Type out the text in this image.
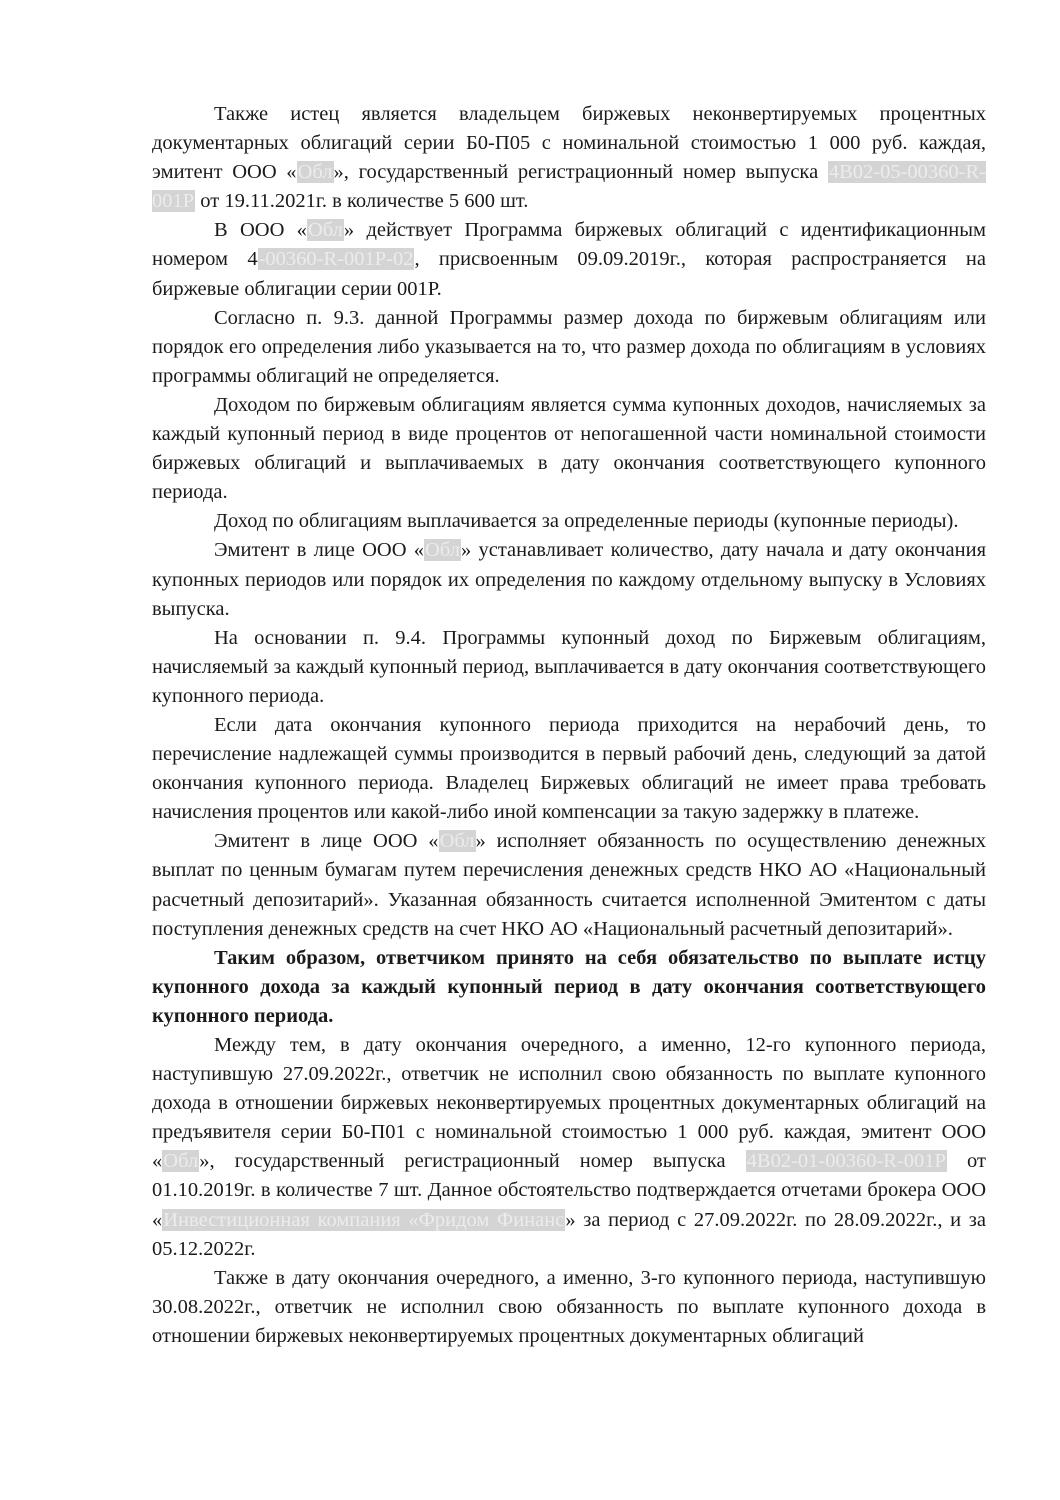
Также истец является владельцем биржевых неконвертируемых процентных документарных облигаций серии Б0-П05 с номинальной стоимостью 1 000 руб. каждая, эмитент ООО «Обл», государственный регистрационный номер выпуска 4В02-05-00360-R-001P от 19.11.2021г. в количестве 5 600 шт.

В ООО «Обл» действует Программа биржевых облигаций с идентификационным номером 4-00360-R-001P-02, присвоенным 09.09.2019г., которая распространяется на биржевые облигации серии 001Р.

Согласно п. 9.3. данной Программы размер дохода по биржевым облигациям или порядок его определения либо указывается на то, что размер дохода по облигациям в условиях программы облигаций не определяется.

Доходом по биржевым облигациям является сумма купонных доходов, начисляемых за каждый купонный период в виде процентов от непогашенной части номинальной стоимости биржевых облигаций и выплачиваемых в дату окончания соответствующего купонного периода.

Доход по облигациям выплачивается за определенные периоды (купонные периоды).

Эмитент в лице ООО «Обл» устанавливает количество, дату начала и дату окончания купонных периодов или порядок их определения по каждому отдельному выпуску в Условиях выпуска.

На основании п. 9.4. Программы купонный доход по Биржевым облигациям, начисляемый за каждый купонный период, выплачивается в дату окончания соответствующего купонного периода.

Если дата окончания купонного периода приходится на нерабочий день, то перечисление надлежащей суммы производится в первый рабочий день, следующий за датой окончания купонного периода. Владелец Биржевых облигаций не имеет права требовать начисления процентов или какой-либо иной компенсации за такую задержку в платеже.

Эмитент в лице ООО «Обл» исполняет обязанность по осуществлению денежных выплат по ценным бумагам путем перечисления денежных средств НКО АО «Национальный расчетный депозитарий». Указанная обязанность считается исполненной Эмитентом с даты поступления денежных средств на счет НКО АО «Национальный расчетный депозитарий».

Таким образом, ответчиком принято на себя обязательство по выплате истцу купонного дохода за каждый купонный период в дату окончания соответствующего купонного периода.

Между тем, в дату окончания очередного, а именно, 12-го купонного периода, наступившую 27.09.2022г., ответчик не исполнил свою обязанность по выплате купонного дохода в отношении биржевых неконвертируемых процентных документарных облигаций на предъявителя серии Б0-П01 с номинальной стоимостью 1 000 руб. каждая, эмитент ООО «Обл», государственный регистрационный номер выпуска 4В02-01-00360-R-001P от 01.10.2019г. в количестве 7 шт. Данное обстоятельство подтверждается отчетами брокера ООО «Инвестиционная компания «Фридом Финанс» за период с 27.09.2022г. по 28.09.2022г., и за 05.12.2022г.

Также в дату окончания очередного, а именно, 3-го купонного периода, наступившую 30.08.2022г., ответчик не исполнил свою обязанность по выплате купонного дохода в отношении биржевых неконвертируемых процентных документарных облигаций
